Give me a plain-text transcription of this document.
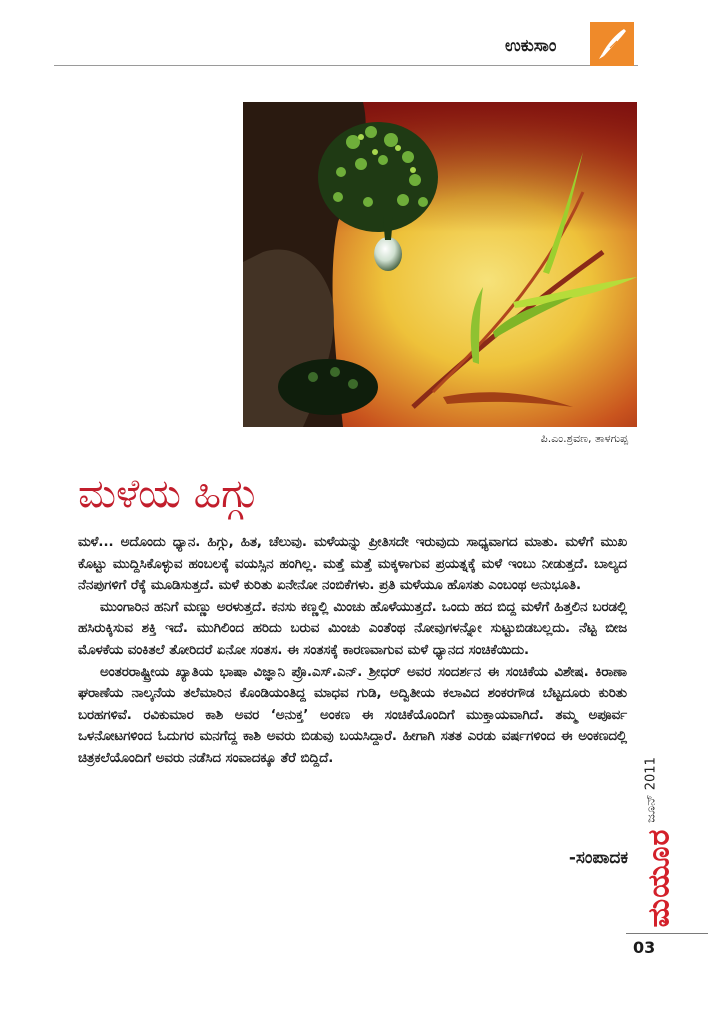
ಉಕುಸಾಂ
ಪಿ.ಎಂ.ಶ್ರವಣ, ತಾಳಗುಪ್ಪ
ಮಳೆಯ ಹಿಗ್ಗು

ಮಳೆ... ಅದೊಂದು ಧ್ಯಾನ. ಹಿಗ್ಗು, ಹಿತ, ಚೆಲುವು. ಮಳೆಯನ್ನು ಪ್ರೀತಿಸದೇ ಇರುವುದು ಸಾಧ್ಯವಾಗದ ಮಾತು. ಮಳೆಗೆ ಮುಖ ಕೊಟ್ಟು ಮುದ್ದಿಸಿಕೊಳ್ಳುವ ಹಂಬಲಕ್ಕೆ ವಯಸ್ಸಿನ ಹಂಗಿಲ್ಲ. ಮತ್ತೆ ಮತ್ತೆ ಮಕ್ಕಳಾಗುವ ಪ್ರಯತ್ನಕ್ಕೆ ಮಳೆ ಇಂಬು ನೀಡುತ್ತದೆ. ಬಾಲ್ಯದ ನೆನಪುಗಳಿಗೆ ರೆಕ್ಕೆ ಮೂಡಿಸುತ್ತದೆ. ಮಳೆ ಕುರಿತು ಏನೇನೋ ನಂಬಿಕೆಗಳು. ಪ್ರತಿ ಮಳೆಯೂ ಹೊಸತು ಎಂಬಂಥ ಅನುಭೂತಿ.

ಮುಂಗಾರಿನ ಹನಿಗೆ ಮಣ್ಣು ಅರಳುತ್ತದೆ. ಕನಸು ಕಣ್ಣಲ್ಲಿ ಮಿಂಚು ಹೊಳೆಯುತ್ತದೆ. ಒಂದು ಹದ ಬಿದ್ದ ಮಳೆಗೆ ಹಿತ್ತಲಿನ ಬರಡಲ್ಲಿ ಹಸಿರುಕ್ಕಿಸುವ ಶಕ್ತಿ ಇದೆ. ಮುಗಿಲಿಂದ ಹರಿದು ಬರುವ ಮಿಂಚು ಎಂತೆಂಥ ನೋವುಗಳನ್ನೋ ಸುಟ್ಟುಬಿಡಬಲ್ಲದು. ನೆಟ್ಟ ಬೀಜ ಮೊಳಕೆಯ ವಂಕಿತಲೆ ತೋರಿದರೆ ಏನೋ ಸಂತಸ. ಈ ಸಂತಸಕ್ಕೆ ಕಾರಣವಾಗುವ ಮಳೆ ಧ್ಯಾನದ ಸಂಚಿಕೆಯಿದು.

ಅಂತರರಾಷ್ಟ್ರೀಯ ಖ್ಯಾತಿಯ ಭಾಷಾ ವಿಜ್ಞಾನಿ ಪ್ರೊ.ಎಸ್.ಎನ್. ಶ್ರೀಧರ್ ಅವರ ಸಂದರ್ಶನ ಈ ಸಂಚಿಕೆಯ ವಿಶೇಷ. ಕಿರಾಣಾ ಘರಾಣೆಯ ನಾಲ್ಕನೆಯ ತಲೆಮಾರಿನ ಕೊಂಡಿಯಂತಿದ್ದ ಮಾಧವ ಗುಡಿ, ಅದ್ವಿತೀಯ ಕಲಾವಿದ ಶಂಕರಗೌಡ ಬೆಟ್ಟದೂರು ಕುರಿತು ಬರಹಗಳಿವೆ. ರವಿಕುಮಾರ ಕಾಶಿ ಅವರ ‘ಅನುಕ್ತ’ ಅಂಕಣ ಈ ಸಂಚಿಕೆಯೊಂದಿಗೆ ಮುಕ್ತಾಯವಾಗಿದೆ. ತಮ್ಮ ಅಪೂರ್ವ ಒಳನೋಟಗಳಿಂದ ಓದುಗರ ಮನಗೆದ್ದ ಕಾಶಿ ಅವರು ಬಿಡುವು ಬಯಸಿದ್ದಾರೆ. ಹೀಗಾಗಿ ಸತತ ಎರಡು ವರ್ಷಗಳಿಂದ ಈ ಅಂಕಣದಲ್ಲಿ ಚಿತ್ರಕಲೆಯೊಂದಿಗೆ ಅವರು ನಡೆಸಿದ ಸಂವಾದಕ್ಕೂ ತೆರೆ ಬಿದ್ದಿದೆ.

-ಸಂಪಾದಕ
ಜೂನ್ 2011
ಮಯೂರ
03
